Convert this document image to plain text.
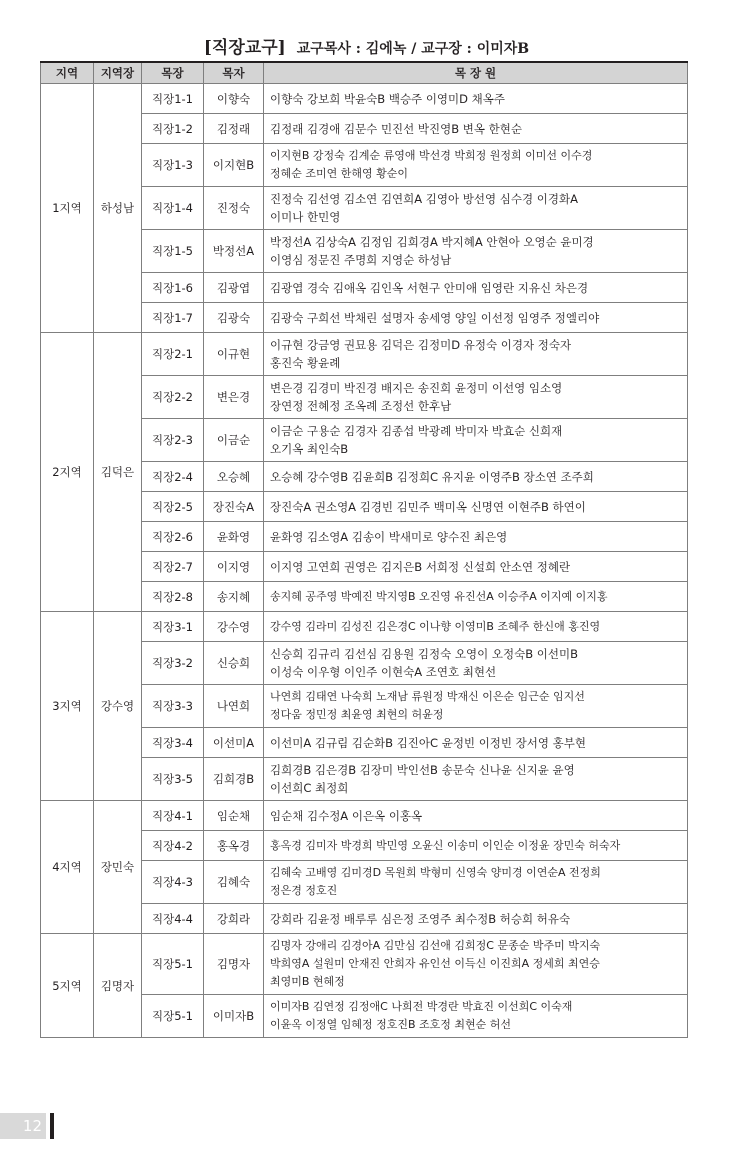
[직장교구] 교구목사 : 김에녹 / 교구장 : 이미자B
지역	지역장	목장	목자	목 장 원
1지역	하성남	직장1-1	이향숙	이향숙 강보희 박윤숙B 백승주 이영미D 채옥주
		직장1-2	김정래	김정래 김경애 김문수 민진선 박진영B 변옥 한현순
		직장1-3	이지현B	이지현B 강정숙 김계순 류영애 박선경 박희정 원정희 이미선 이수경
정혜순 조미연 한해영 황순이
		직장1-4	진정숙	진정숙 김선영 김소연 김연희A 김영아 방선영 심수경 이경화A
이미나 한민영
		직장1-5	박정선A	박정선A 김상숙A 김정임 김희경A 박지혜A 안현아 오영순 윤미경
이영심 정문진 주명희 지영순 하성남
		직장1-6	김광엽	김광엽 경숙 김애옥 김인옥 서현구 안미애 임영란 지유신 차은경
		직장1-7	김광숙	김광숙 구희선 박채린 설명자 송세영 양일 이선정 임영주 정엘리야
2지역	김덕은	직장2-1	이규현	이규현 강금영 권묘용 김덕은 김정미D 유정숙 이경자 정숙자
홍진숙 황윤례
		직장2-2	변은경	변은경 김경미 박진경 배지은 송진희 윤정미 이선영 임소영
장연정 전혜정 조옥례 조정선 한후남
		직장2-3	이금순	이금순 구용순 김경자 김종섭 박광례 박미자 박효순 신희재
오기옥 최인숙B
		직장2-4	오승혜	오승혜 강수영B 김윤희B 김정희C 유지윤 이영주B 장소연 조주희
		직장2-5	장진숙A	장진숙A 권소영A 김경빈 김민주 백미옥 신명연 이현주B 하연이
		직장2-6	윤화영	윤화영 김소영A 김송이 박새미로 양수진 최은영
		직장2-7	이지영	이지영 고연희 권영은 김지은B 서희정 신설희 안소연 정혜란
		직장2-8	송지혜	송지혜 공주영 박예진 박지영B 오진영 유진선A 이승주A 이지예 이지홍
3지역	강수영	직장3-1	강수영	강수영 김라미 김성진 김은경C 이나향 이영미B 조혜주 한신애 홍진영
		직장3-2	신승희	신승희 김규리 김선심 김용원 김정숙 오영이 오정숙B 이선미B
이성숙 이우형 이인주 이현숙A 조연호 최현선
		직장3-3	나연희	나연희 김태연 나숙희 노재남 류원정 박재신 이은순 임근순 임지선
정다움 정민정 최윤영 최현의 허윤정
		직장3-4	이선미A	이선미A 김규림 김순화B 김진아C 윤정빈 이정빈 장서영 홍부현
		직장3-5	김희경B	김희경B 김은경B 김장미 박인선B 송문숙 신나윤 신지윤 윤영
이선희C 최정희
4지역	장민숙	직장4-1	임순채	임순채 김수정A 이은옥 이홍옥
		직장4-2	홍옥경	홍옥경 김미자 박경희 박민영 오윤신 이송미 이인순 이정윤 장민숙 허숙자
		직장4-3	김혜숙	김혜숙 고배영 김미경D 목원희 박형미 신영숙 양미경 이연순A 전정희
정은경 정호진
		직장4-4	강희라	강희라 김윤정 배루루 심은정 조영주 최수정B 허승희 허유숙
5지역	김명자	직장5-1	김명자	김명자 강애리 김경아A 김만심 김선애 김희정C 문종순 박주미 박지숙
박희영A 설원미 안재진 안희자 유인선 이득신 이진희A 정세희 최연승
최영미B 현혜정
		직장5-1	이미자B	이미자B 김연정 김정애C 나희전 박경란 박효진 이선희C 이숙재
이윤옥 이정열 임혜정 정호진B 조호정 최현순 허선
12
